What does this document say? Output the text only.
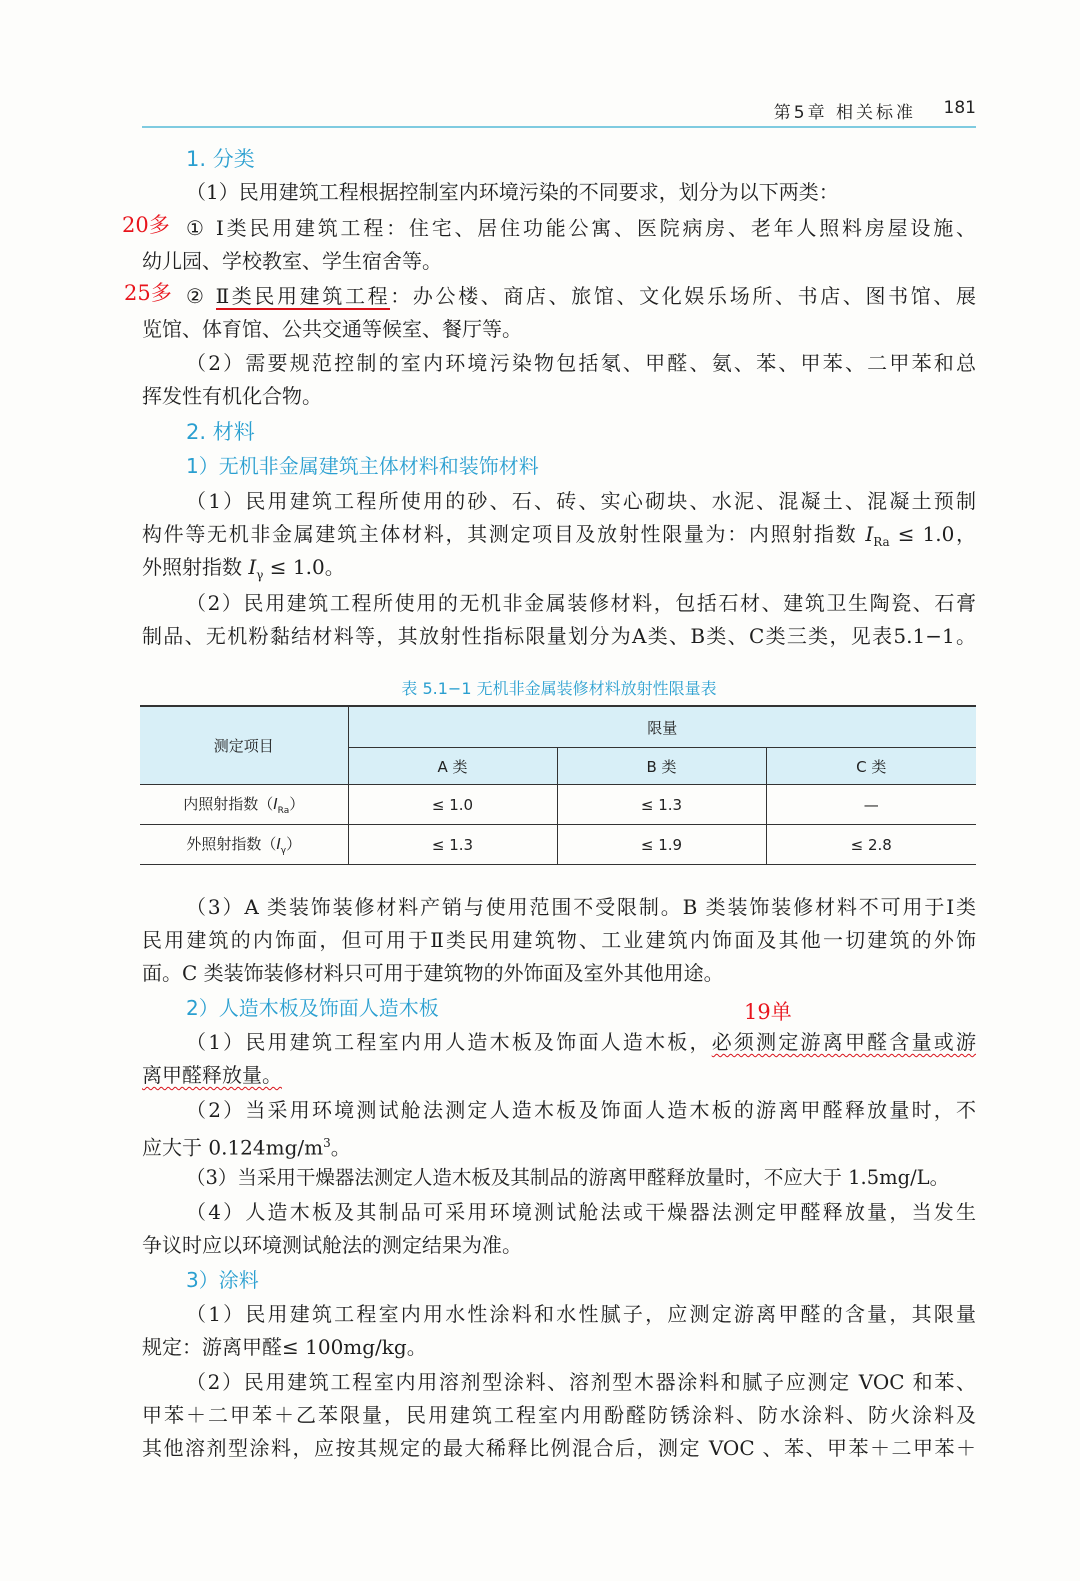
第5章 相关标准 181
1. 分类
（1）民用建筑工程根据控制室内环境污染的不同要求，划分为以下两类：
20多 ① Ⅰ类民用建筑工程：住宅、居住功能公寓、医院病房、老年人照料房屋设施、
幼儿园、学校教室、学生宿舍等。
25多 ② Ⅱ类民用建筑工程：办公楼、商店、旅馆、文化娱乐场所、书店、图书馆、展
览馆、体育馆、公共交通等候室、餐厅等。
（2）需要规范控制的室内环境污染物包括氡、甲醛、氨、苯、甲苯、二甲苯和总
挥发性有机化合物。
2. 材料
1）无机非金属建筑主体材料和装饰材料
（1）民用建筑工程所使用的砂、石、砖、实心砌块、水泥、混凝土、混凝土预制
构件等无机非金属建筑主体材料，其测定项目及放射性限量为：内照射指数 $I_{Ra} \le 1.0$，
外照射指数 $I_\gamma \le 1.0$。
（2）民用建筑工程所使用的无机非金属装修材料，包括石材、建筑卫生陶瓷、石膏
制品、无机粉黏结材料等，其放射性指标限量划分为A类、B类、C类三类，见表5.1−1。
表 5.1−1 无机非金属装修材料放射性限量表
测定项目	限量		
	A 类	B 类	C 类
内照射指数$(I_{Ra})$	≤ 1.0	≤ 1.3	—
外照射指数$(I_\gamma)$	≤ 1.3	≤ 1.9	≤ 2.8
（3）A 类装饰装修材料产销与使用范围不受限制。B 类装饰装修材料不可用于Ⅰ类
民用建筑的内饰面，但可用于Ⅱ类民用建筑物、工业建筑内饰面及其他一切建筑的外饰
面。C 类装饰装修材料只可用于建筑物的外饰面及室外其他用途。
2）人造木板及饰面人造木板	19单
（1）民用建筑工程室内用人造木板及饰面人造木板，必须测定游离甲醛含量或游
离甲醛释放量。
（2）当采用环境测试舱法测定人造木板及饰面人造木板的游离甲醛释放量时，不
应大于 $0.124mg/m^3$。
（3）当采用干燥器法测定人造木板及其制品的游离甲醛释放量时，不应大于 1.5mg/L。
（4）人造木板及其制品可采用环境测试舱法或干燥器法测定甲醛释放量，当发生
争议时应以环境测试舱法的测定结果为准。
3）涂料
（1）民用建筑工程室内用水性涂料和水性腻子，应测定游离甲醛的含量，其限量
规定：游离甲醛≤ 100mg/kg。
（2）民用建筑工程室内用溶剂型涂料、溶剂型木器涂料和腻子应测定 VOC 和苯、
甲苯＋二甲苯＋乙苯限量，民用建筑工程室内用酚醛防锈涂料、防水涂料、防火涂料及
其他溶剂型涂料，应按其规定的最大稀释比例混合后，测定 VOC 、苯、甲苯＋二甲苯＋
